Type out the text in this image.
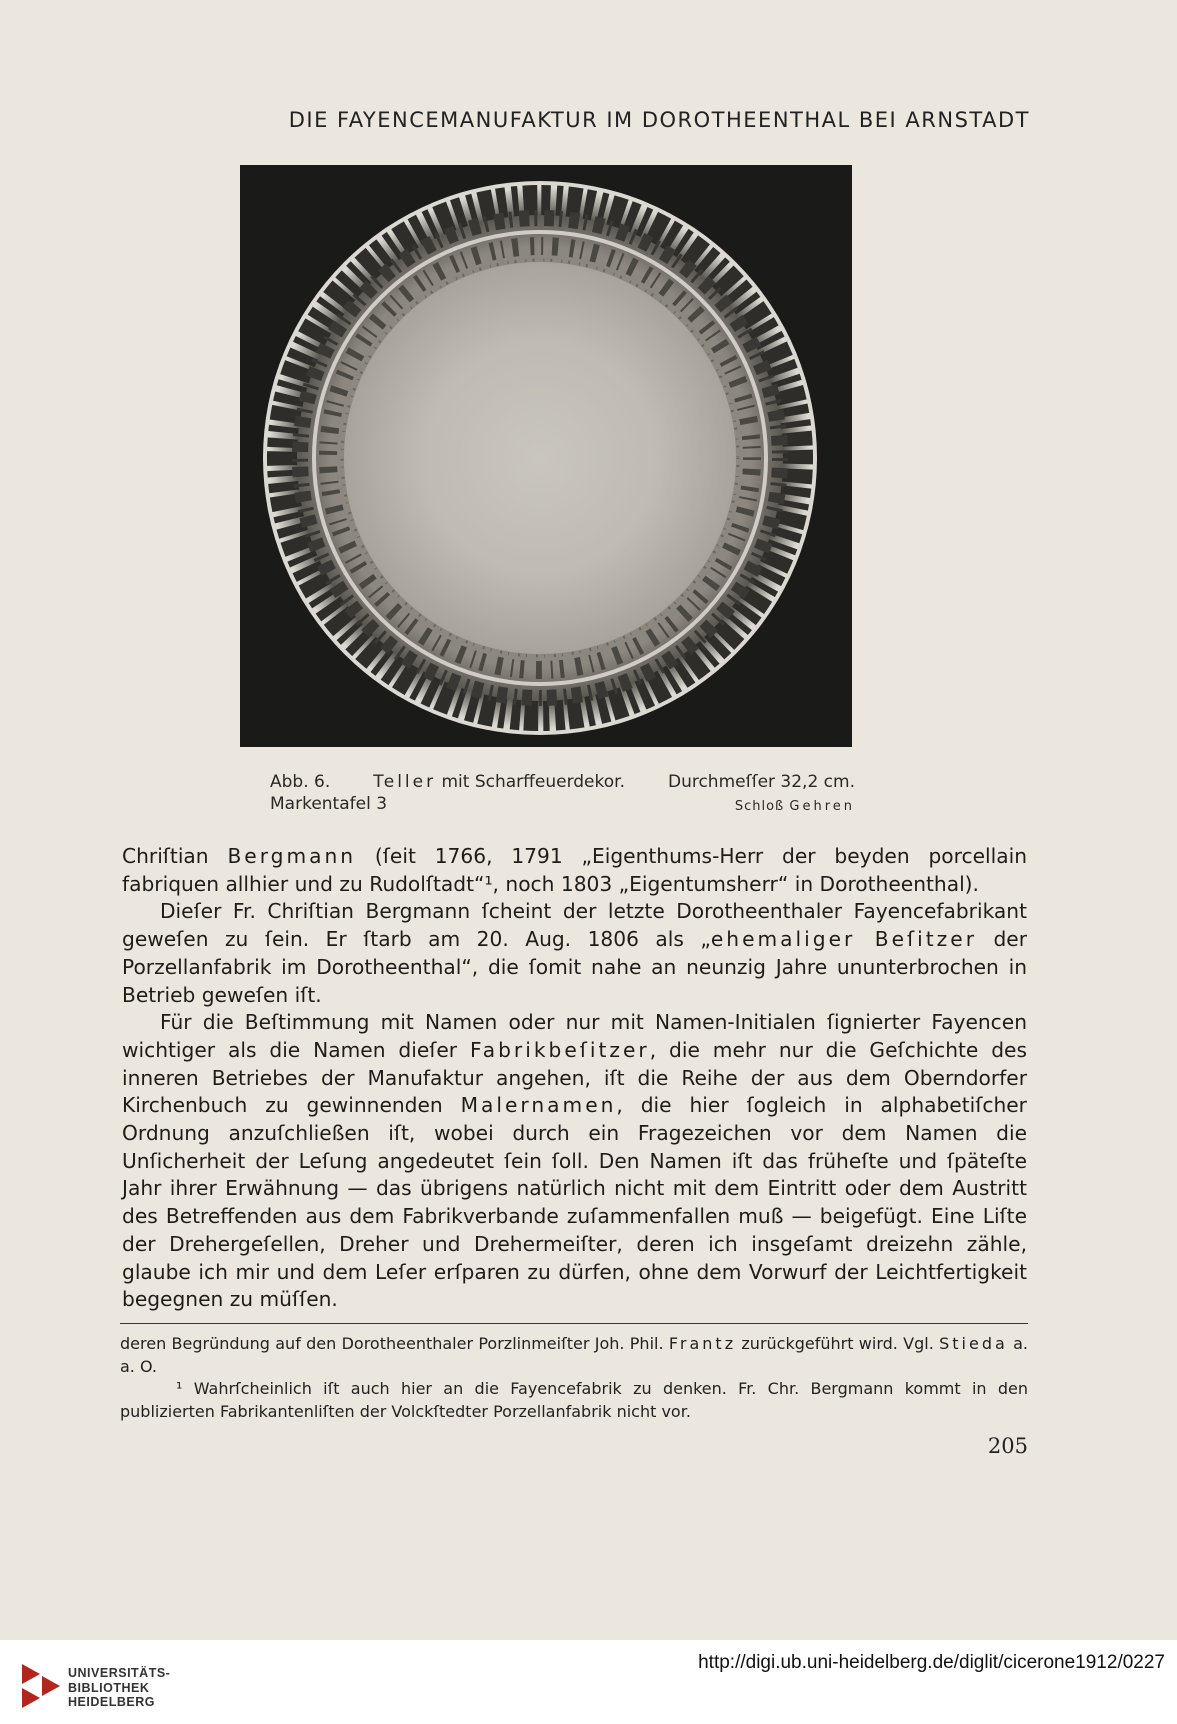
DIE FAYENCEMANUFAKTUR IM DOROTHEENTHAL BEI ARNSTADT
Abb. 6.	Teller mit Scharffeuerdekor.	Durchmeſſer 32,2 cm.
Markentafel 3	Schloß Gehren

Chriſtian Bergmann (ſeit 1766, 1791 „Eigenthums-Herr der beyden porcellain fabriquen allhier und zu Rudolſtadt“¹, noch 1803 „Eigentumsherr“ in Dorotheenthal).

Dieſer Fr. Chriſtian Bergmann ſcheint der letzte Dorotheenthaler Fayencefabrikant geweſen zu ſein. Er ſtarb am 20. Aug. 1806 als „ehemaliger Beſitzer der Porzellanfabrik im Dorotheenthal“, die ſomit nahe an neunzig Jahre ununterbrochen in Betrieb geweſen iſt.

Für die Beſtimmung mit Namen oder nur mit Namen-Initialen ſignierter Fayencen wichtiger als die Namen dieſer Fabrikbeſitzer, die mehr nur die Geſchichte des inneren Betriebes der Manufaktur angehen, iſt die Reihe der aus dem Oberndorfer Kirchenbuch zu gewinnenden Malernamen, die hier ſogleich in alphabetiſcher Ordnung anzuſchließen iſt, wobei durch ein Fragezeichen vor dem Namen die Unſicherheit der Leſung angedeutet ſein ſoll. Den Namen iſt das früheſte und ſpäteſte Jahr ihrer Erwähnung — das übrigens natürlich nicht mit dem Eintritt oder dem Austritt des Betreffenden aus dem Fabrikverbande zuſammenfallen muß — beigefügt. Eine Liſte der Drehergeſellen, Dreher und Drehermeiſter, deren ich insgeſamt dreizehn zähle, glaube ich mir und dem Leſer erſparen zu dürfen, ohne dem Vorwurf der Leichtfertigkeit begegnen zu müſſen.

deren Begründung auf den Dorotheenthaler Porzlinmeiſter Joh. Phil. Frantz zurückgeführt wird. Vgl. Stieda a. a. O.

¹ Wahrſcheinlich iſt auch hier an die Fayencefabrik zu denken. Fr. Chr. Bergmann kommt in den publizierten Fabrikantenliſten der Volckſtedter Porzellanfabrik nicht vor.

205
UNIVERSITÄTS-
BIBLIOTHEK
HEIDELBERG
http://digi.ub.uni-heidelberg.de/diglit/cicerone1912/0227
